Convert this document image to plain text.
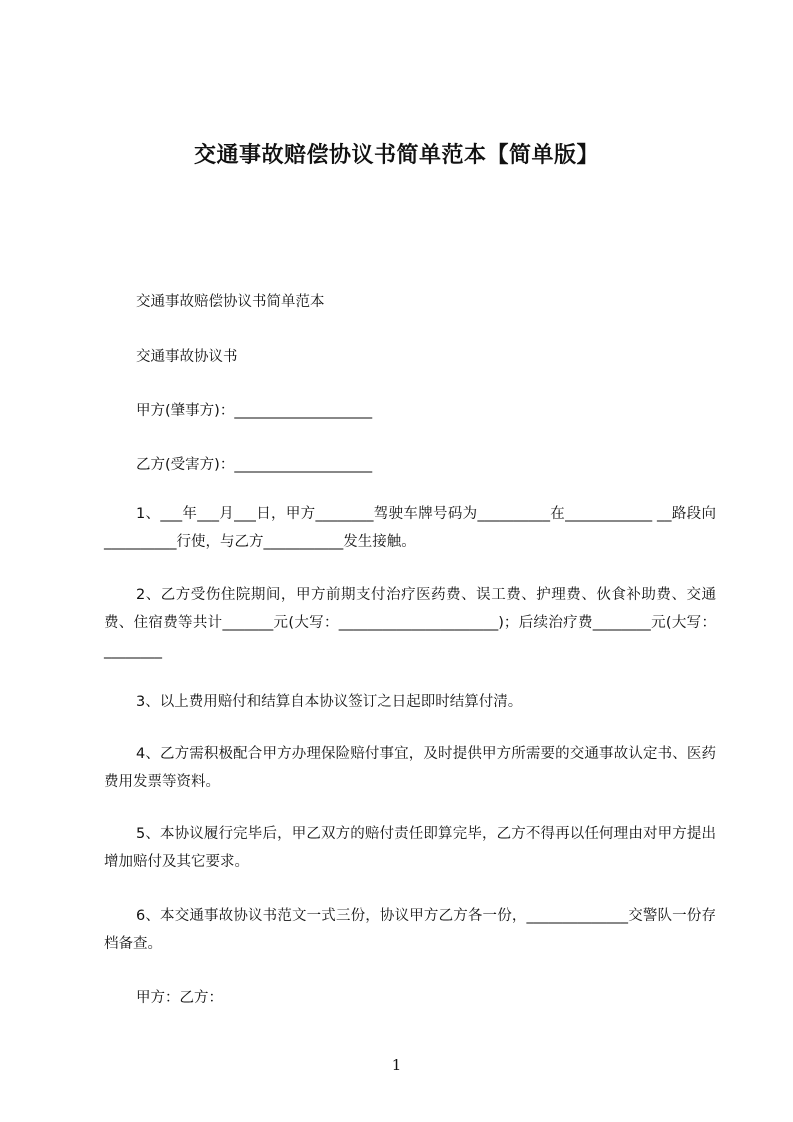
交通事故赔偿协议书简单范本【简单版】
交通事故赔偿协议书简单范本
交通事故协议书
甲方(肇事方)：___________________
乙方(受害方)：___________________
1、___年___月___日，甲方________驾驶车牌号码为__________在____________ __路段向__________行使，与乙方___________发生接触。
2、乙方受伤住院期间，甲方前期支付治疗医药费、误工费、护理费、伙食补助费、交通费、住宿费等共计_______元(大写：______________________)；后续治疗费________元(大写：________
3、以上费用赔付和结算自本协议签订之日起即时结算付清。
4、乙方需积极配合甲方办理保险赔付事宜，及时提供甲方所需要的交通事故认定书、医药费用发票等资料。
5、本协议履行完毕后，甲乙双方的赔付责任即算完毕，乙方不得再以任何理由对甲方提出增加赔付及其它要求。
6、本交通事故协议书范文一式三份，协议甲方乙方各一份，______________交警队一份存档备查。
甲方：乙方：
1
